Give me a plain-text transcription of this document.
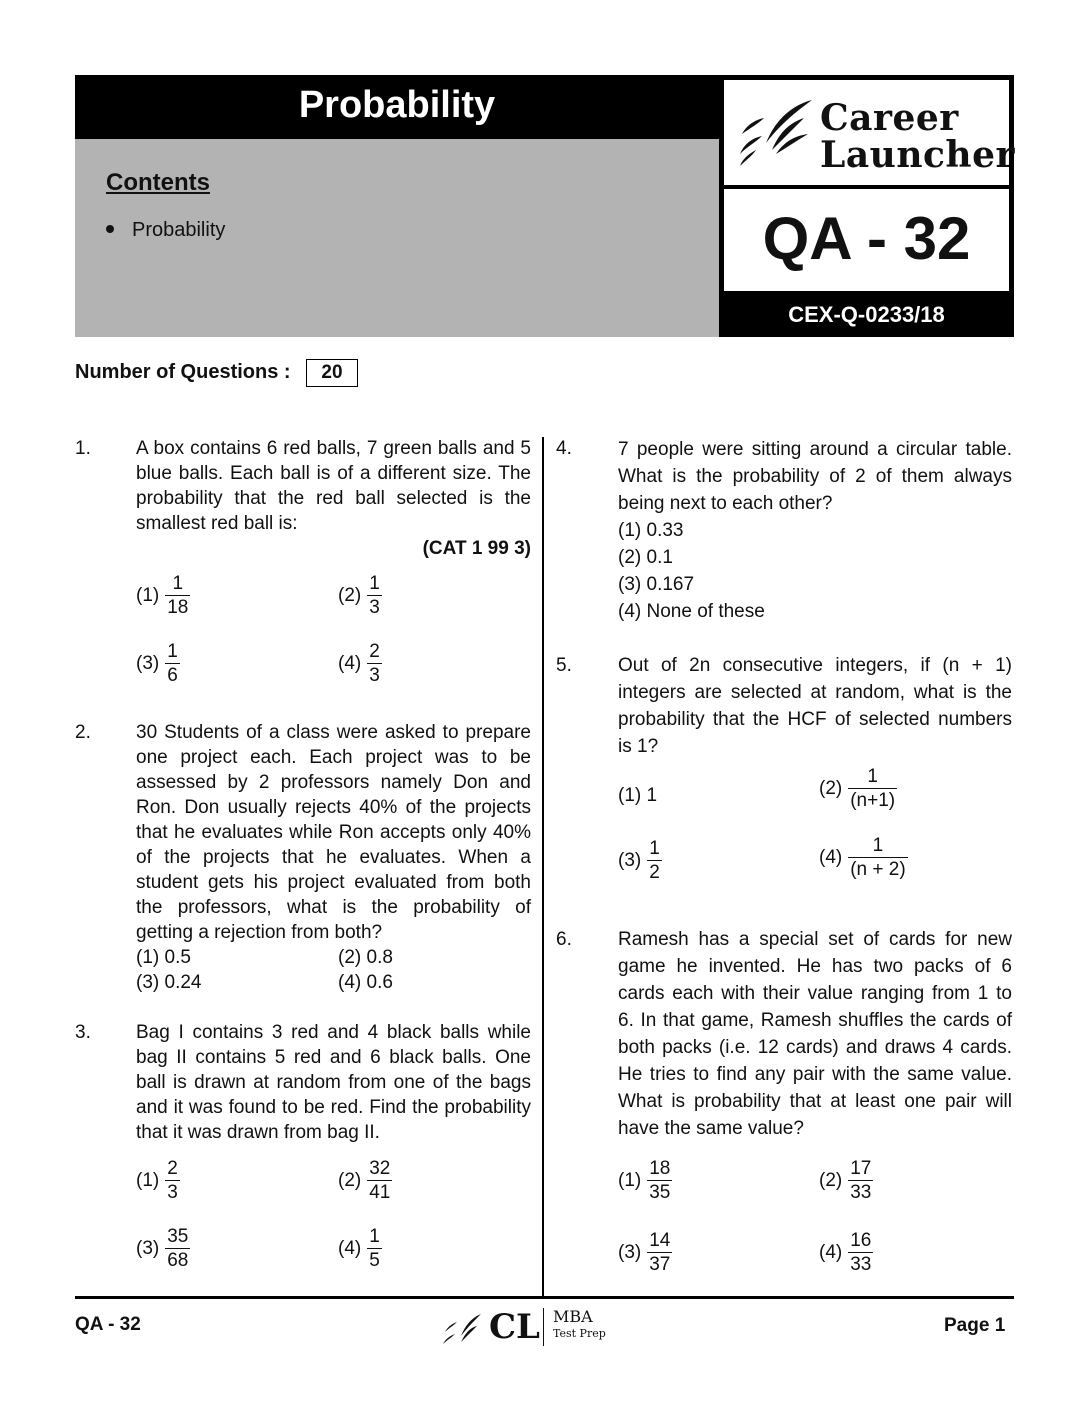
Probability
Contents
Probability
Career
Launcher
QA - 32
CEX-Q-0233/18
Number of Questions :	20
1. A box contains 6 red balls, 7 green balls and 5 blue balls. Each ball is of a different size. The probability that the red ball selected is the smallest red ball is:
(CAT 1 99 3)
$(1) \frac{1}{18}$	$(2) \frac{1}{3}$
$(3) \frac{1}{6}$	$(4) \frac{2}{3}$
2. 30 Students of a class were asked to prepare one project each. Each project was to be assessed by 2 professors namely Don and Ron. Don usually rejects 40% of the projects that he evaluates while Ron accepts only 40% of the projects that he evaluates. When a student gets his project evaluated from both the professors, what is the probability of getting a rejection from both?
(1) 0.5	(2) 0.8
(3) 0.24	(4) 0.6
3. Bag I contains 3 red and 4 black balls while bag II contains 5 red and 6 black balls. One ball is drawn at random from one of the bags and it was found to be red. Find the probability that it was drawn from bag II.
$(1) \frac{2}{3}$	$(2) \frac{32}{41}$
$(3) \frac{35}{68}$	$(4) \frac{1}{5}$
4. 7 people were sitting around a circular table. What is the probability of 2 of them always being next to each other?
(1) 0.33
(2) 0.1
(3) 0.167
(4) None of these
5. Out of 2n consecutive integers, if (n + 1) integers are selected at random, what is the probability that the HCF of selected numbers is 1?
(1) 1	$(2) \frac{1}{(n+1)}$
$(3) \frac{1}{2}$	$(4) \frac{1}{(n + 2)}$
6. Ramesh has a special set of cards for new game he invented. He has two packs of 6 cards each with their value ranging from 1 to 6. In that game, Ramesh shuffles the cards of both packs (i.e. 12 cards) and draws 4 cards. He tries to find any pair with the same value. What is probability that at least one pair will have the same value?
$(1) \frac{18}{35}$	$(2) \frac{17}{33}$
$(3) \frac{14}{37}$	$(4) \frac{16}{33}$
QA - 32	Page 1
CL MBA
Test Prep
